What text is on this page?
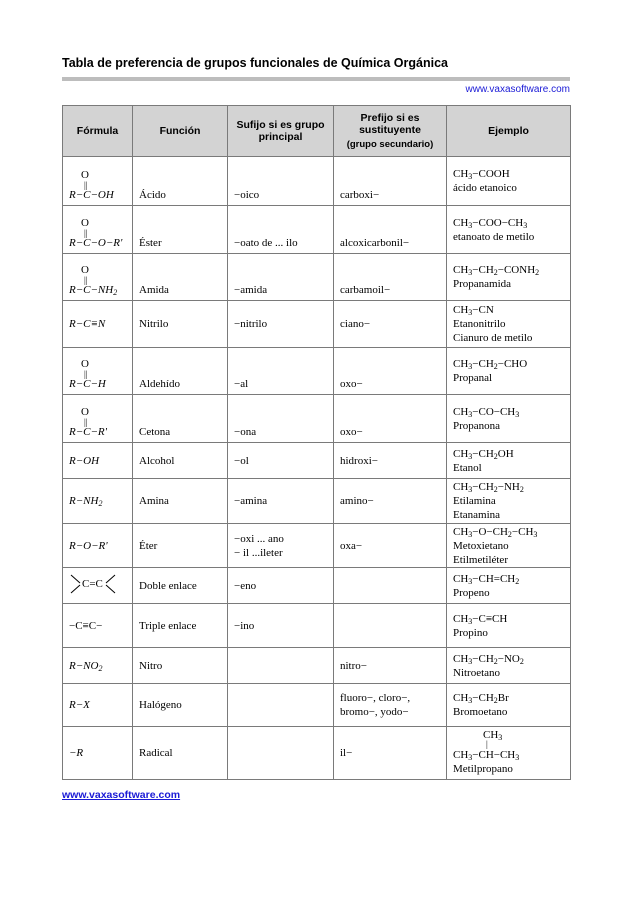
Tabla de preferencia de grupos funcionales de Química Orgánica
www.vaxasoftware.com
Fórmula	Función	Sufijo si es grupo principal	Prefijo si es sustituyente
(grupo secundario)	Ejemplo

O
||
R−C−OH	Ácido	−oico	carboxi−	$CH_3-COOH$
ácido etanoico

O
||
R−C−O−R'	Éster	−oato de ... ilo	alcoxicarbonil−	$CH_3-COO-CH_3$
etanoato de metilo

O
||
$R-C-NH_2$	Amida	−amida	carbamoil−	$CH_3-CH_2-CONH_2$
Propanamida

R−C≡N	Nitrilo	−nitrilo	ciano−	$CH_3-CN$
Etanonitrilo
Cianuro de metilo

O
||
R−C−H	Aldehído	−al	oxo−	$CH_3-CH_2-CHO$
Propanal

O
||
R−C−R'	Cetona	−ona	oxo−	$CH_3-CO-CH_3$
Propanona

R−OH	Alcohol	−ol	hidroxi−	$CH_3-CH_2OH$
Etanol

$R-NH_2$	Amina	−amina	amino−	$CH_3-CH_2-NH_2$
Etilamina
Etanamina

R−O−R'	Éter	−oxi ... ano
− il ...ileter	oxa−	$CH_3-O-CH_2-CH_3$
Metoxietano
Etilmetiléter

C=C	Doble enlace	−eno		$CH_3-CH=CH_2$
Propeno

−C≡C−	Triple enlace	−ino		$CH_3-C\equiv CH$
Propino

$R-NO_2$	Nitro		nitro−	$CH_3-CH_2-NO_2$
Nitroetano

R−X	Halógeno		fluoro−, cloro−,
bromo−, yodo−	$CH_3-CH_2Br$
Bromoetano

−R	Radical		il−	$CH_3$
|
$CH_3-CH-CH_3$
Metilpropano
www.vaxasoftware.com
